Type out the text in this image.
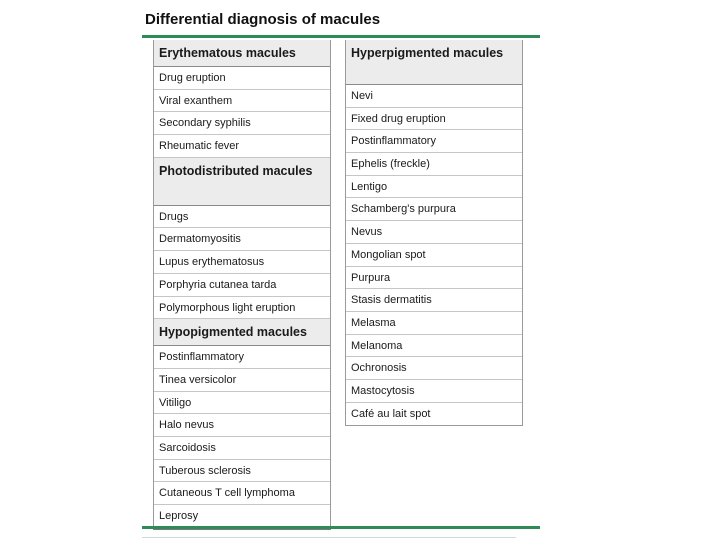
Differential diagnosis of macules
Erythematous macules
Drug eruption
Viral exanthem
Secondary syphilis
Rheumatic fever
Photodistributed macules
Drugs
Dermatomyositis
Lupus erythematosus
Porphyria cutanea tarda
Polymorphous light eruption
Hypopigmented macules
Postinflammatory
Tinea versicolor
Vitiligo
Halo nevus
Sarcoidosis
Tuberous sclerosis
Cutaneous T cell lymphoma
Leprosy
Hyperpigmented macules
Nevi
Fixed drug eruption
Postinflammatory
Ephelis (freckle)
Lentigo
Schamberg's purpura
Nevus
Mongolian spot
Purpura
Stasis dermatitis
Melasma
Melanoma
Ochronosis
Mastocytosis
Café au lait spot
